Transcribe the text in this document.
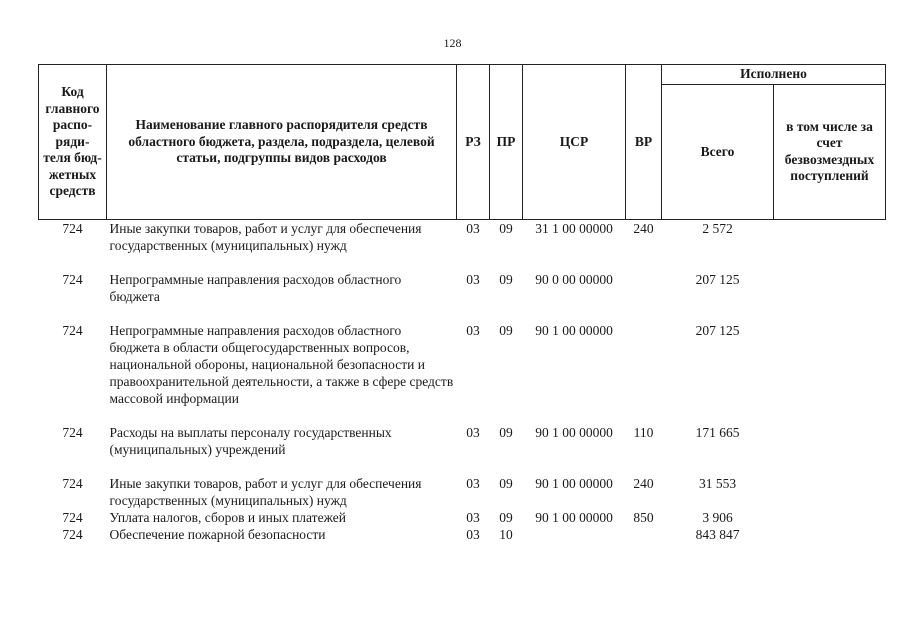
128
Код главного распо- ряди- теля бюд- жетных средств	Наименование главного распорядителя средств областного бюджета, раздела, подраздела, целевой статьи, подгруппы видов расходов	РЗ	ПР	ЦСР	ВР	Исполнено	
						Всего	в том числе за счет безвозмездных поступлений
724	Иные закупки товаров, работ и услуг для обеспечения государственных (муниципальных) нужд	03	09	31 1 00 00000	240	2 572	

724	Непрограммные направления расходов областного бюджета	03	09	90 0 00 00000		207 125	

724	Непрограммные направления расходов областного бюджета в области общегосударственных вопросов, национальной обороны, национальной безопасности и правоохранительной деятельности, а также в сфере средств массовой информации	03	09	90 1 00 00000		207 125	

724	Расходы на выплаты персоналу государственных (муниципальных) учреждений	03	09	90 1 00 00000	110	171 665	

724	Иные закупки товаров, работ и услуг для обеспечения государственных (муниципальных) нужд	03	09	90 1 00 00000	240	31 553	
724	Уплата налогов, сборов и иных платежей	03	09	90 1 00 00000	850	3 906	
724	Обеспечение пожарной безопасности	03	10			843 847	
